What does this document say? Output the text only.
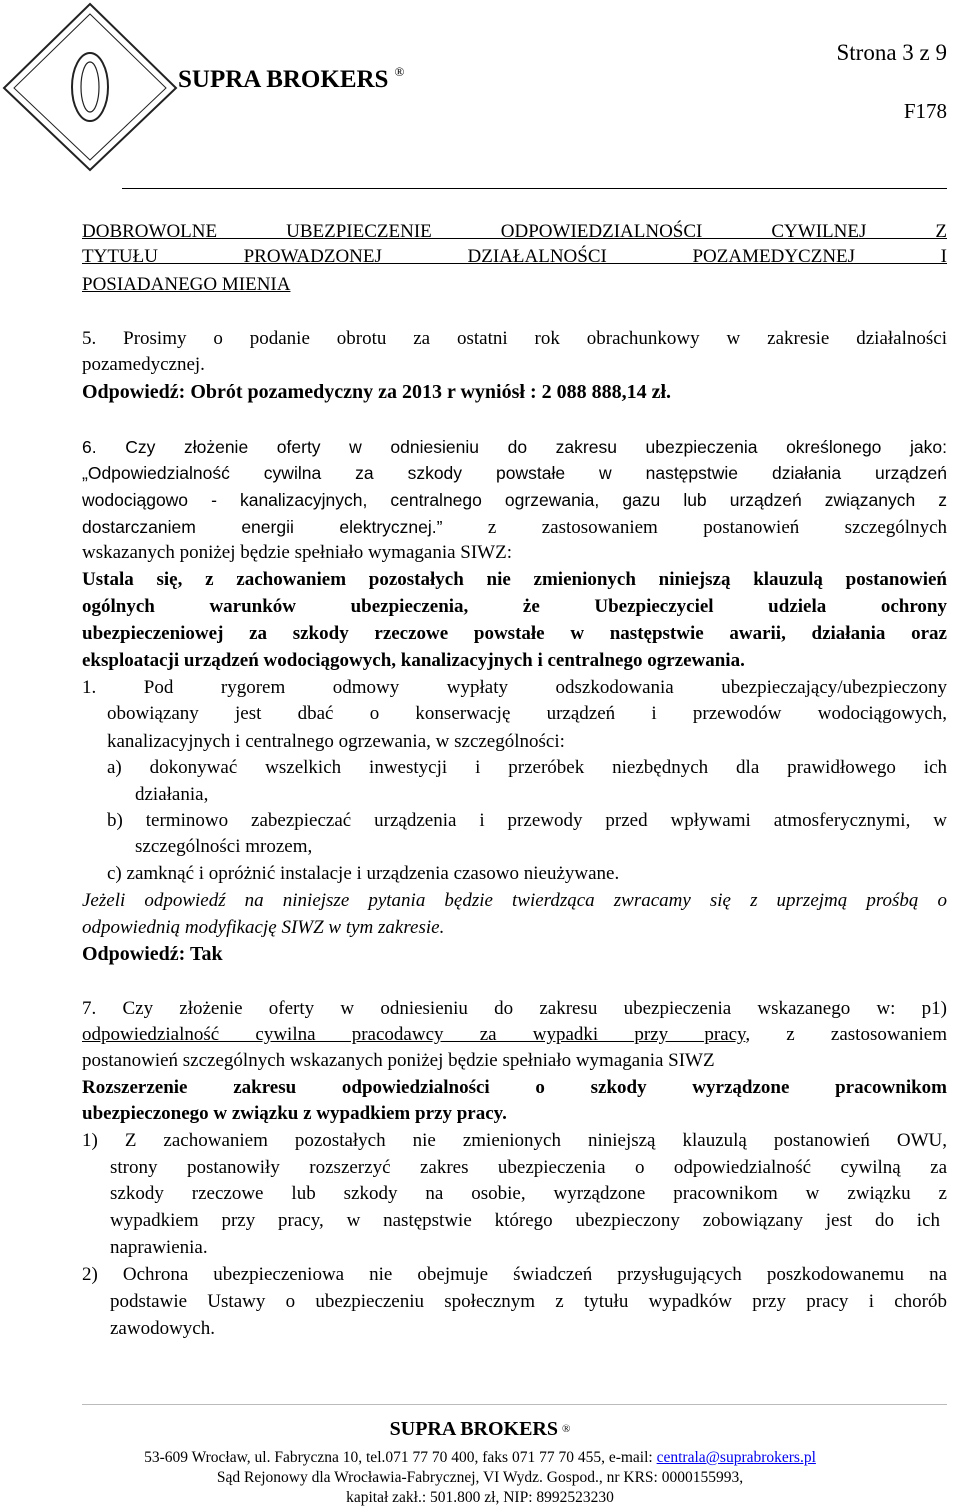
SUPRA BROKERS ®
Strona 3 z 9
F178
DOBROWOLNE UBEZPIECZENIE ODPOWIEDZIALNOŚCI CYWILNEJ Z
TYTUŁU PROWADZONEJ DZIAŁALNOŚCI POZAMEDYCZNEJ I
POSIADANEGO MIENIA
5. Prosimy o podanie obrotu za ostatni rok obrachunkowy w zakresie działalności
pozamedycznej.
Odpowiedź: Obrót pozamedyczny za 2013 r wyniósł : 2 088 888,14 zł.
6. Czy złożenie oferty w odniesieniu do zakresu ubezpieczenia określonego jako:
„Odpowiedzialność cywilna za szkody powstałe w następstwie działania urządzeń
wodociągowo - kanalizacyjnych, centralnego ogrzewania, gazu lub urządzeń związanych z
dostarczaniem energii elektrycznej.” z zastosowaniem postanowień szczególnych
wskazanych poniżej będzie spełniało wymagania SIWZ:
Ustala się, z zachowaniem pozostałych nie zmienionych niniejszą klauzulą postanowień
ogólnych warunków ubezpieczenia, że Ubezpieczyciel udziela ochrony
ubezpieczeniowej za szkody rzeczowe powstałe w następstwie awarii, działania oraz
eksploatacji urządzeń wodociągowych, kanalizacyjnych i centralnego ogrzewania.
1. Pod rygorem odmowy wypłaty odszkodowania ubezpieczający/ubezpieczony
obowiązany jest dbać o konserwację urządzeń i przewodów wodociągowych,
kanalizacyjnych i centralnego ogrzewania, w szczególności:
a) dokonywać wszelkich inwestycji i przeróbek niezbędnych dla prawidłowego ich
działania,
b) terminowo zabezpieczać urządzenia i przewody przed wpływami atmosferycznymi, w
szczególności mrozem,
c) zamknąć i opróżnić instalacje i urządzenia czasowo nieużywane.
Jeżeli odpowiedź na niniejsze pytania będzie twierdząca zwracamy się z uprzejmą prośbą o
odpowiednią modyfikację SIWZ w tym zakresie.
Odpowiedź: Tak
7. Czy złożenie oferty w odniesieniu do zakresu ubezpieczenia wskazanego w: p1)
odpowiedzialność cywilna pracodawcy za wypadki przy pracy, z zastosowaniem
postanowień szczególnych wskazanych poniżej będzie spełniało wymagania SIWZ
Rozszerzenie zakresu odpowiedzialności o szkody wyrządzone pracownikom
ubezpieczonego w związku z wypadkiem przy pracy.
1) Z zachowaniem pozostałych nie zmienionych niniejszą klauzulą postanowień OWU,
strony postanowiły rozszerzyć zakres ubezpieczenia o odpowiedzialność cywilną za
szkody rzeczowe lub szkody na osobie, wyrządzone pracownikom w związku z
wypadkiem przy pracy, w następstwie którego ubezpieczony zobowiązany jest do ich
naprawienia.
2) Ochrona ubezpieczeniowa nie obejmuje świadczeń przysługujących poszkodowanemu na
podstawie Ustawy o ubezpieczeniu społecznym z tytułu wypadków przy pracy i chorób
zawodowych.
SUPRA BROKERS ®
53-609 Wrocław, ul. Fabryczna 10, tel.071 77 70 400, faks 071 77 70 455, e-mail: centrala@suprabrokers.pl
Sąd Rejonowy dla Wrocławia-Fabrycznej, VI Wydz. Gospod., nr KRS: 0000155993,
kapitał zakł.: 501.800 zł, NIP: 8992523230
